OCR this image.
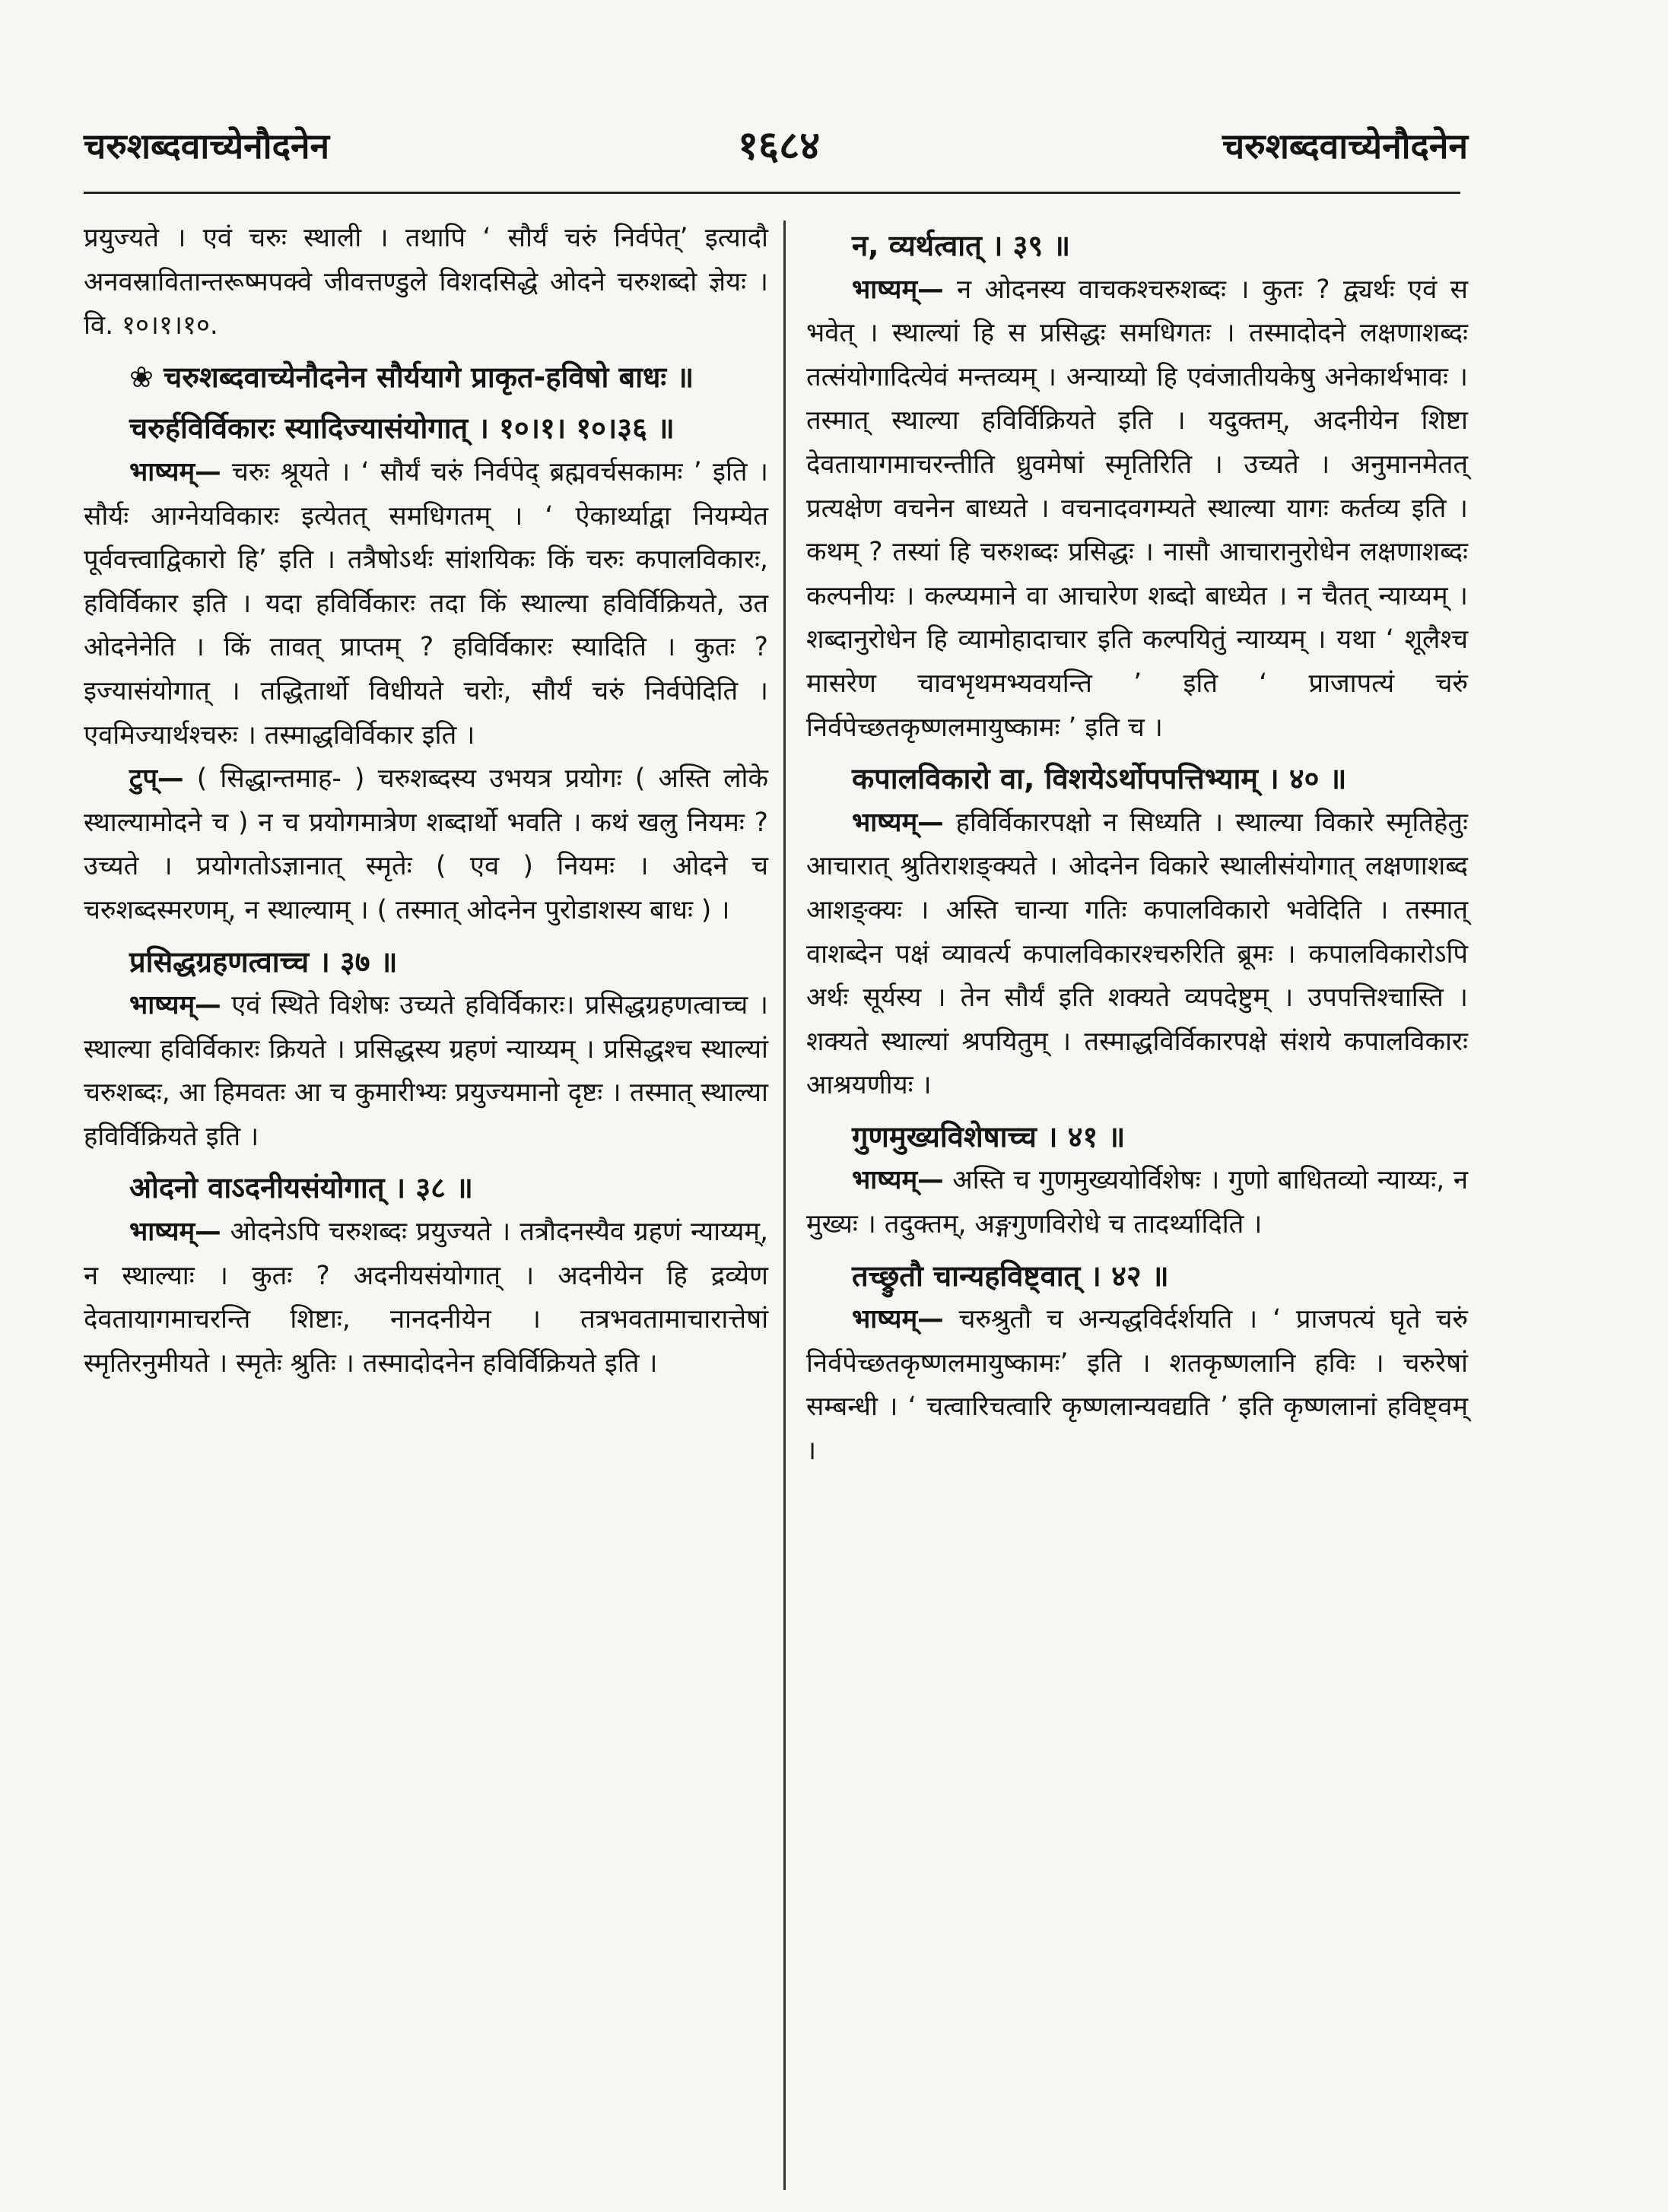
चरुशब्दवाच्येनौदनेन	१६८४	चरुशब्दवाच्येनौदनेन

प्रयुज्यते । एवं चरुः स्थाली । तथापि ‘ सौर्यं चरुं निर्वपेत्’ इत्यादौ अनवस्रावितान्तरूष्मपक्वे जीवत्तण्डुले विशदसिद्धे ओदने चरुशब्दो ज्ञेयः । वि. १०।१।१०.

❀ चरुशब्दवाच्येनौदनेन सौर्ययागे प्राकृत-हविषो बाधः ॥

चरुर्हविर्विकारः स्यादिज्यासंयोगात् । १०।१। १०।३६ ॥

भाष्यम्— चरुः श्रूयते । ‘ सौर्यं चरुं निर्वपेद् ब्रह्मवर्चसकामः ’ इति । सौर्यः आग्नेयविकारः इत्येतत् समधिगतम् । ‘ ऐकार्थ्याद्वा नियम्येत पूर्ववत्त्वाद्विकारो हि’ इति । तत्रैषोऽर्थः सांशयिकः किं चरुः कपालविकारः, हविर्विकार इति । यदा हविर्विकारः तदा किं स्थाल्या हविर्विक्रियते, उत ओदनेनेति । किं तावत् प्राप्तम् ? हविर्विकारः स्यादिति । कुतः ? इज्यासंयोगात् । तद्धितार्थो विधीयते चरोः, सौर्यं चरुं निर्वपेदिति । एवमिज्यार्थश्चरुः । तस्माद्धविर्विकार इति ।

टुप्— ( सिद्धान्तमाह- ) चरुशब्दस्य उभयत्र प्रयोगः ( अस्ति लोके स्थाल्यामोदने च ) न च प्रयोगमात्रेण शब्दार्थो भवति । कथं खलु नियमः ? उच्यते । प्रयोगतोऽज्ञानात् स्मृतेः ( एव ) नियमः । ओदने च चरुशब्दस्मरणम्, न स्थाल्याम् । ( तस्मात् ओदनेन पुरोडाशस्य बाधः ) ।

प्रसिद्धग्रहणत्वाच्च । ३७ ॥

भाष्यम्— एवं स्थिते विशेषः उच्यते हविर्विकारः। प्रसिद्धग्रहणत्वाच्च । स्थाल्या हविर्विकारः क्रियते । प्रसिद्धस्य ग्रहणं न्याय्यम् । प्रसिद्धश्च स्थाल्यां चरुशब्दः, आ हिमवतः आ च कुमारीभ्यः प्रयुज्यमानो दृष्टः । तस्मात् स्थाल्या हविर्विक्रियते इति ।

ओदनो वाऽदनीयसंयोगात् । ३८ ॥

भाष्यम्— ओदनेऽपि चरुशब्दः प्रयुज्यते । तत्रौदनस्यैव ग्रहणं न्याय्यम्, न स्थाल्याः । कुतः ? अदनीयसंयोगात् । अदनीयेन हि द्रव्येण देवतायागमाचरन्ति शिष्टाः, नानदनीयेन । तत्रभवतामाचारात्तेषां स्मृतिरनुमीयते । स्मृतेः श्रुतिः । तस्मादोदनेन हविर्विक्रियते इति ।

न, व्यर्थत्वात् । ३९ ॥

भाष्यम्— न ओदनस्य वाचकश्चरुशब्दः । कुतः ? द्व्यर्थः एवं स भवेत् । स्थाल्यां हि स प्रसिद्धः समधिगतः । तस्मादोदने लक्षणाशब्दः तत्संयोगादित्येवं मन्तव्यम् । अन्याय्यो हि एवंजातीयकेषु अनेकार्थभावः । तस्मात् स्थाल्या हविर्विक्रियते इति । यदुक्तम्, अदनीयेन शिष्टा देवतायागमाचरन्तीति ध्रुवमेषां स्मृतिरिति । उच्यते । अनुमानमेतत् प्रत्यक्षेण वचनेन बाध्यते । वचनादवगम्यते स्थाल्या यागः कर्तव्य इति । कथम् ? तस्यां हि चरुशब्दः प्रसिद्धः । नासौ आचारानुरोधेन लक्षणाशब्दः कल्पनीयः । कल्प्यमाने वा आचारेण शब्दो बाध्येत । न चैतत् न्याय्यम् । शब्दानुरोधेन हि व्यामोहादाचार इति कल्पयितुं न्याय्यम् । यथा ‘ शूलैश्च मासरेण चावभृथमभ्यवयन्ति ’ इति ‘ प्राजापत्यं चरुं निर्वपेच्छतकृष्णलमायुष्कामः ’ इति च ।

कपालविकारो वा, विशयेऽर्थोपपत्तिभ्याम् । ४० ॥

भाष्यम्— हविर्विकारपक्षो न सिध्यति । स्थाल्या विकारे स्मृतिहेतुः आचारात् श्रुतिराशङ्क्यते । ओदनेन विकारे स्थालीसंयोगात् लक्षणाशब्द आशङ्क्यः । अस्ति चान्या गतिः कपालविकारो भवेदिति । तस्मात् वाशब्देन पक्षं व्यावर्त्य कपालविकारश्चरुरिति ब्रूमः । कपालविकारोऽपि अर्थः सूर्यस्य । तेन सौर्यं इति शक्यते व्यपदेष्टुम् । उपपत्तिश्चास्ति । शक्यते स्थाल्यां श्रपयितुम् । तस्माद्धविर्विकारपक्षे संशये कपालविकारः आश्रयणीयः ।

गुणमुख्यविशेषाच्च । ४१ ॥

भाष्यम्— अस्ति च गुणमुख्ययोर्विशेषः । गुणो बाधितव्यो न्याय्यः, न मुख्यः । तदुक्तम्, अङ्गगुणविरोधे च तादर्थ्यादिति ।

तच्छ्रुतौ चान्यहविष्ट्वात् । ४२ ॥

भाष्यम्— चरुश्रुतौ च अन्यद्धविर्दर्शयति । ‘ प्राजपत्यं घृते चरुं निर्वपेच्छतकृष्णलमायुष्कामः’ इति । शतकृष्णलानि हविः । चरुरेषां सम्बन्धी । ‘ चत्वारिचत्वारि कृष्णलान्यवद्यति ’ इति कृष्णलानां हविष्ट्वम् ।
